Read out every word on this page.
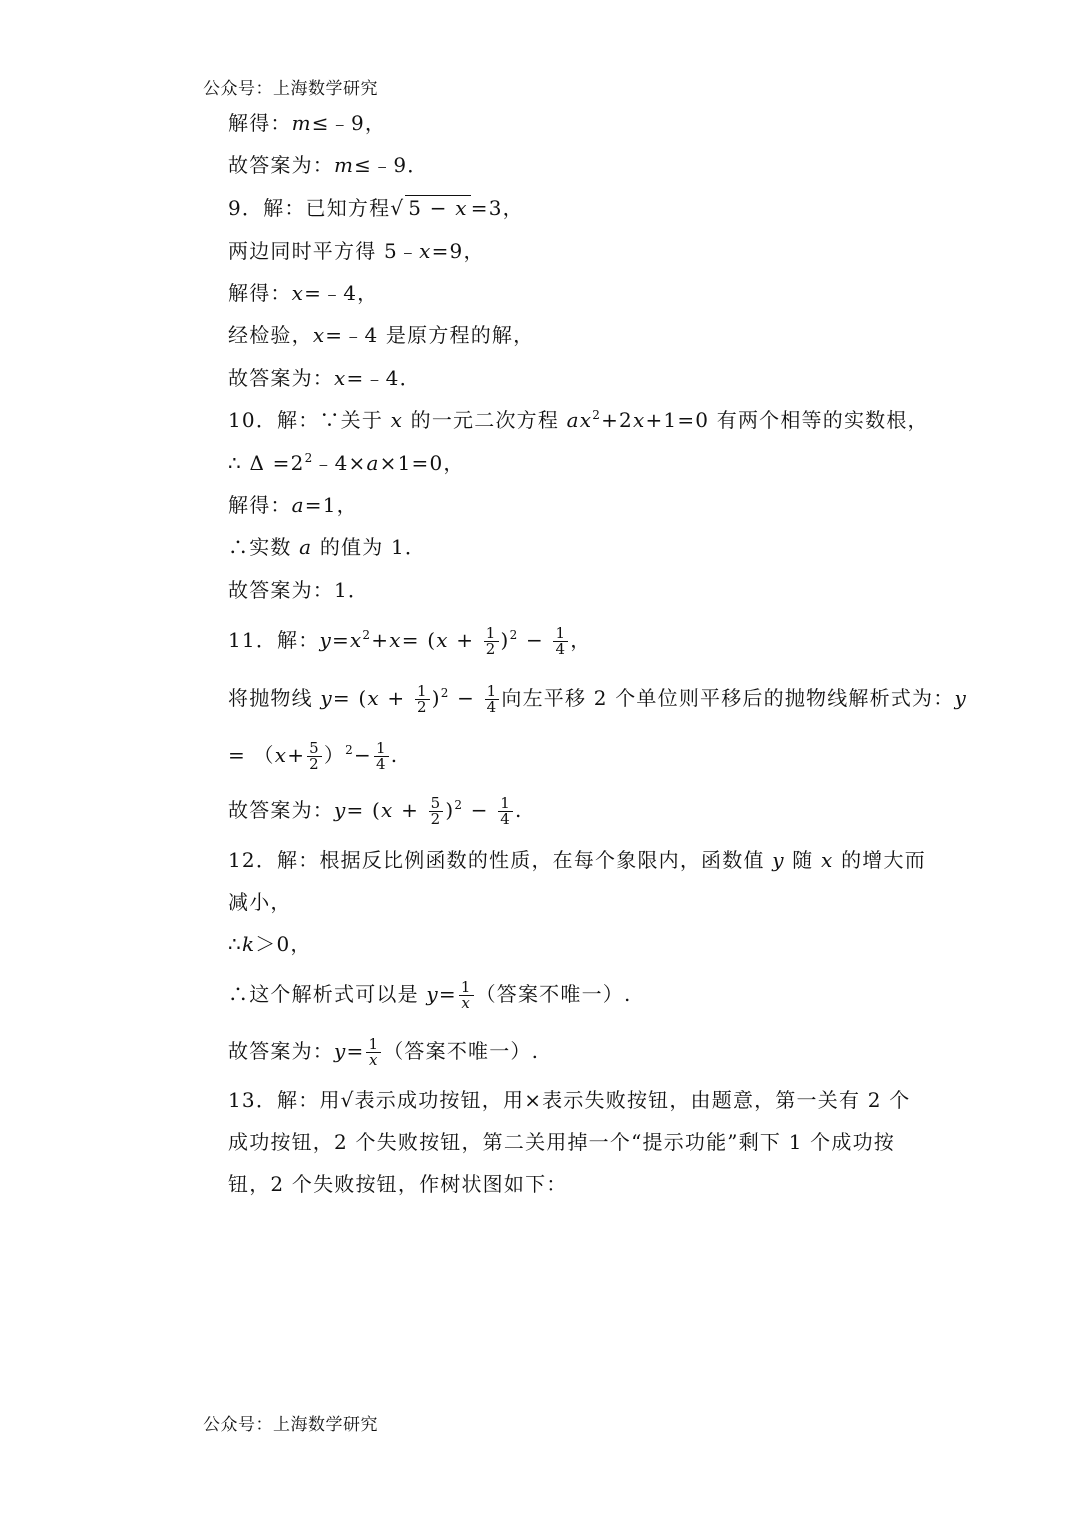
公众号：上海数学研究
解得：m≤﹣9，
故答案为：m≤﹣9．
9．解：已知方程√ 5 − x =3，
两边同时平方得 5﹣x=9，
解得：x=﹣4，
经检验，x=﹣4 是原方程的解，
故答案为：x=﹣4．
10．解：∵关于 x 的一元二次方程 $ax^2+2x+1=0$ 有两个相等的实数根，
∴ $\Delta =2^2﹣4\times a\times 1=0$，
解得：a=1，
∴实数 a 的值为 1．
故答案为：1．
11．解：$y=x^2+x= (x + \frac{1}{2} )^2 - \frac{1}{4}$ ，
将抛物线 $y= (x + \frac{1}{2} )^2 - \frac{1}{4}$ 向左平移 2 个单位则平移后的抛物线解析式为：y
= $(x+ \frac{5}{2} )^2- \frac{1}{4}$ .
故答案为：$y= (x + \frac{5}{2} )^2 - \frac{1}{4}$ .
12．解：根据反比例函数的性质，在每个象限内，函数值 y 随 x 的增大而
减小，
∴k＞0，
∴这个解析式可以是 $y= \frac{1}{x}$ （答案不唯一）.
故答案为：$y= \frac{1}{x}$ （答案不唯一）.
13．解：用√表示成功按钮，用×表示失败按钮，由题意，第一关有 2 个
成功按钮，2 个失败按钮，第二关用掉一个“提示功能”剩下 1 个成功按
钮，2 个失败按钮，作树状图如下：
公众号：上海数学研究
